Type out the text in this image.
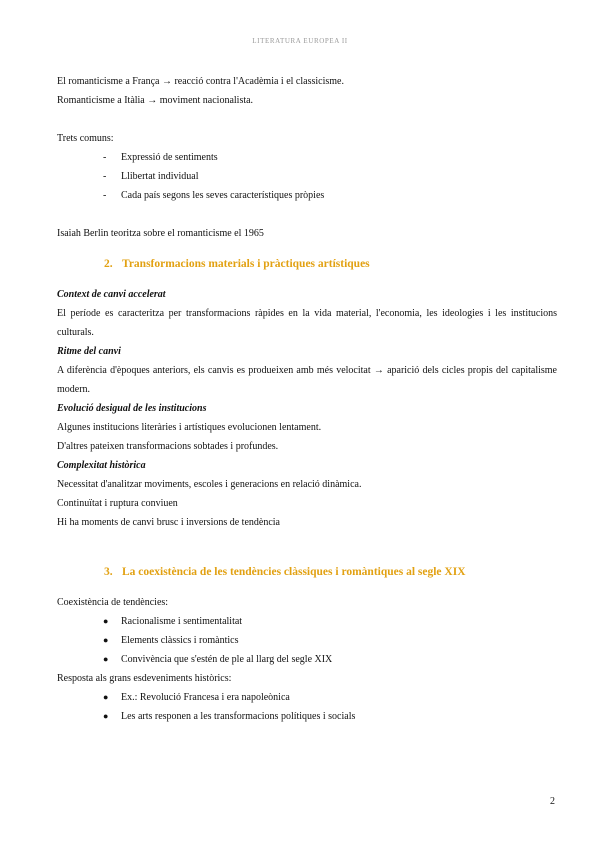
LITERATURA EUROPEA II
El romanticisme a França → reacció contra l'Acadèmia i el classicisme.
Romanticisme a Itàlia → moviment nacionalista.
Trets comuns:
- Expressió de sentiments
- Llibertat individual
- Cada país segons les seves característiques pròpies
Isaiah Berlin teoritza sobre el romanticisme el 1965
2. Transformacions materials i pràctiques artístiques
Context de canvi accelerat
El període es caracteritza per transformacions ràpides en la vida material, l'economia, les ideologies i les institucions culturals.
Ritme del canvi
A diferència d'èpoques anteriors, els canvis es produeixen amb més velocitat → aparició dels cicles propis del capitalisme modern.
Evolució desigual de les institucions
Algunes institucions literàries i artístiques evolucionen lentament.
D'altres pateixen transformacions sobtades i profundes.
Complexitat històrica
Necessitat d'analitzar moviments, escoles i generacions en relació dinàmica.
Continuïtat i ruptura conviuen
Hi ha moments de canvi brusc i inversions de tendència
3. La coexistència de les tendències clàssiques i romàntiques al segle XIX
Coexistència de tendències:
● Racionalisme i sentimentalitat
● Elements clàssics i romàntics
● Convivència que s'estén de ple al llarg del segle XIX
Resposta als grans esdeveniments històrics:
● Ex.: Revolució Francesa i era napoleònica
● Les arts responen a les transformacions polítiques i socials
2
